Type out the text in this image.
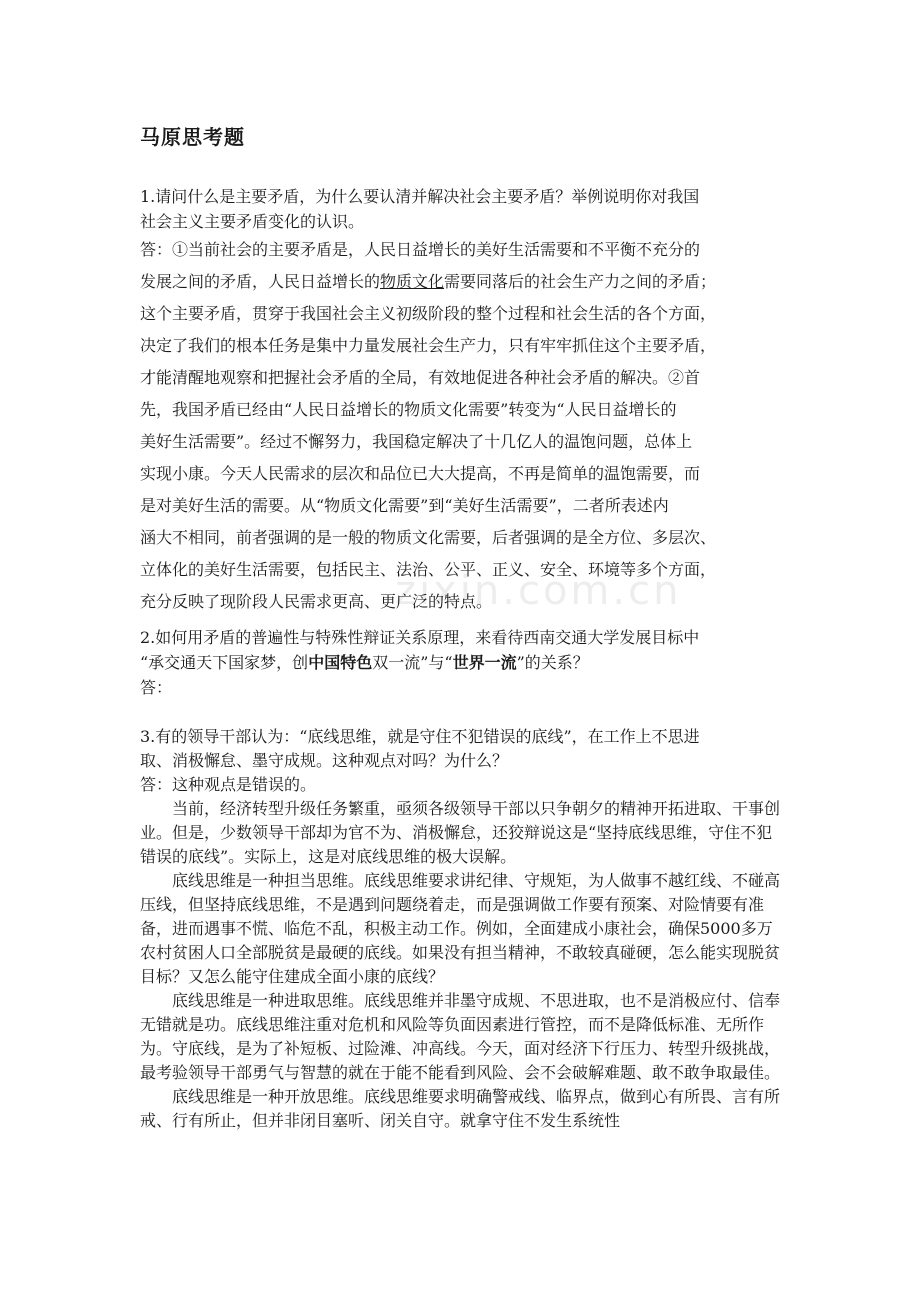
马原思考题
1.请问什么是主要矛盾，为什么要认清并解决社会主要矛盾？举例说明你对我国
社会主义主要矛盾变化的认识。
答：①当前社会的主要矛盾是，人民日益增长的美好生活需要和不平衡不充分的
发展之间的矛盾，人民日益增长的物质文化需要同落后的社会生产力之间的矛盾；
这个主要矛盾，贯穿于我国社会主义初级阶段的整个过程和社会生活的各个方面，
决定了我们的根本任务是集中力量发展社会生产力，只有牢牢抓住这个主要矛盾，
才能清醒地观察和把握社会矛盾的全局，有效地促进各种社会矛盾的解决。②首
先，我国矛盾已经由“人民日益增长的物质文化需要”转变为“人民日益增长的
美好生活需要”。经过不懈努力，我国稳定解决了十几亿人的温饱问题，总体上
实现小康。今天人民需求的层次和品位已大大提高，不再是简单的温饱需要，而
是对美好生活的需要。从“物质文化需要”到“美好生活需要”，二者所表述内
涵大不相同，前者强调的是一般的物质文化需要，后者强调的是全方位、多层次、
立体化的美好生活需要，包括民主、法治、公平、正义、安全、环境等多个方面，
充分反映了现阶段人民需求更高、更广泛的特点。
2.如何用矛盾的普遍性与特殊性辩证关系原理，来看待西南交通大学发展目标中
“承交通天下国家梦，创中国特色双一流”与“世界一流”的关系？
答：
3.有的领导干部认为：“底线思维，就是守住不犯错误的底线”，在工作上不思进
取、消极懈怠、墨守成规。这种观点对吗？为什么？
答：这种观点是错误的。

当前，经济转型升级任务繁重，亟须各级领导干部以只争朝夕的精神开拓进取、干事创业。但是，少数领导干部却为官不为、消极懈怠，还狡辩说这是“坚持底线思维，守住不犯错误的底线”。实际上，这是对底线思维的极大误解。

底线思维是一种担当思维。底线思维要求讲纪律、守规矩，为人做事不越红线、不碰高压线，但坚持底线思维，不是遇到问题绕着走，而是强调做工作要有预案、对险情要有准备，进而遇事不慌、临危不乱，积极主动工作。例如，全面建成小康社会，确保5000多万农村贫困人口全部脱贫是最硬的底线。如果没有担当精神，不敢较真碰硬，怎么能实现脱贫目标？又怎么能守住建成全面小康的底线？

底线思维是一种进取思维。底线思维并非墨守成规、不思进取，也不是消极应付、信奉无错就是功。底线思维注重对危机和风险等负面因素进行管控，而不是降低标准、无所作为。守底线，是为了补短板、过险滩、冲高线。今天，面对经济下行压力、转型升级挑战，最考验领导干部勇气与智慧的就在于能不能看到风险、会不会破解难题、敢不敢争取最佳。

底线思维是一种开放思维。底线思维要求明确警戒线、临界点，做到心有所畏、言有所戒、行有所止，但并非闭目塞听、闭关自守。就拿守住不发生系统性

zixin.com.cn
